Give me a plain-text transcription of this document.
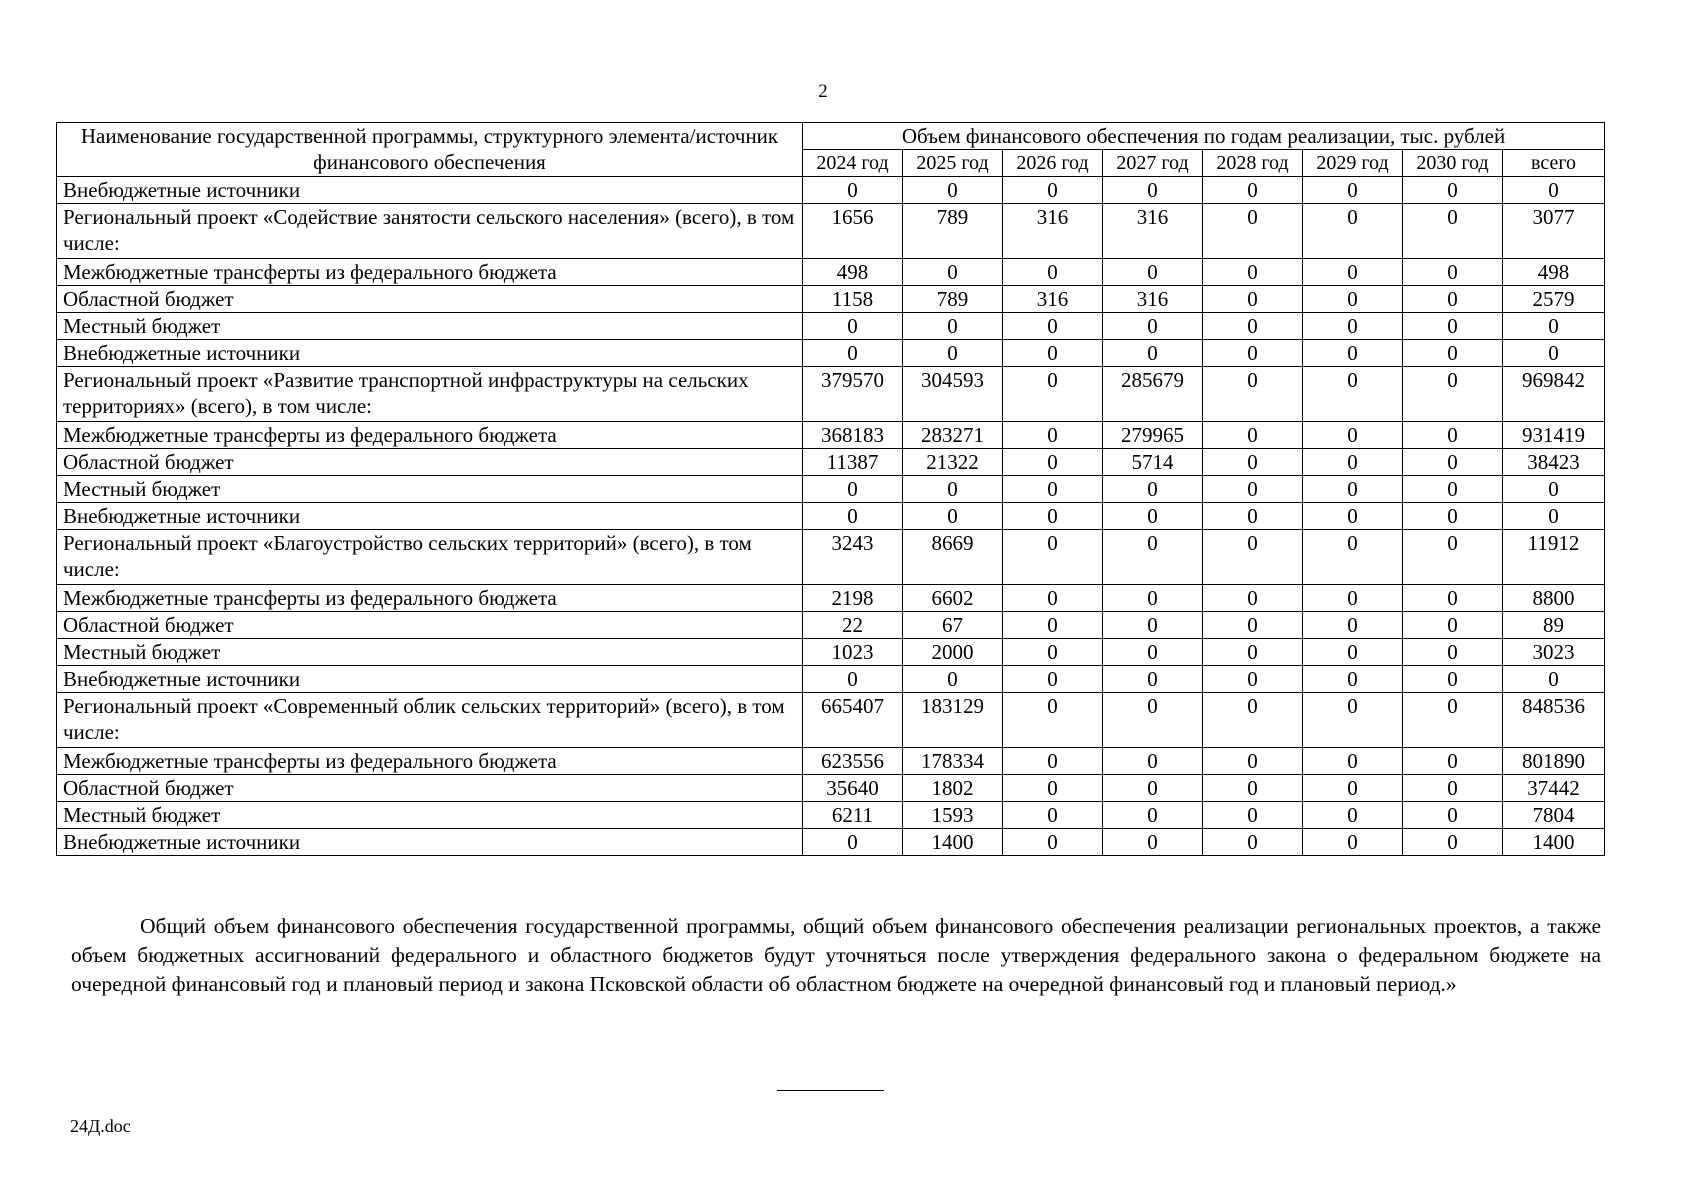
2
Наименование государственной программы, структурного элемента/источник финансового обеспечения	Объем финансового обеспечения по годам реализации, тыс. рублей							
	2024 год	2025 год	2026 год	2027 год	2028 год	2029 год	2030 год	всего
Внебюджетные источники	0	0	0	0	0	0	0	0
Региональный проект «Содействие занятости сельского населения» (всего), в том числе:	1656	789	316	316	0	0	0	3077
Межбюджетные трансферты из федерального бюджета	498	0	0	0	0	0	0	498
Областной бюджет	1158	789	316	316	0	0	0	2579
Местный бюджет	0	0	0	0	0	0	0	0
Внебюджетные источники	0	0	0	0	0	0	0	0
Региональный проект «Развитие транспортной инфраструктуры на сельских территориях» (всего), в том числе:	379570	304593	0	285679	0	0	0	969842
Межбюджетные трансферты из федерального бюджета	368183	283271	0	279965	0	0	0	931419
Областной бюджет	11387	21322	0	5714	0	0	0	38423
Местный бюджет	0	0	0	0	0	0	0	0
Внебюджетные источники	0	0	0	0	0	0	0	0
Региональный проект «Благоустройство сельских территорий» (всего), в том числе:	3243	8669	0	0	0	0	0	11912
Межбюджетные трансферты из федерального бюджета	2198	6602	0	0	0	0	0	8800
Областной бюджет	22	67	0	0	0	0	0	89
Местный бюджет	1023	2000	0	0	0	0	0	3023
Внебюджетные источники	0	0	0	0	0	0	0	0
Региональный проект «Современный облик сельских территорий» (всего), в том числе:	665407	183129	0	0	0	0	0	848536
Межбюджетные трансферты из федерального бюджета	623556	178334	0	0	0	0	0	801890
Областной бюджет	35640	1802	0	0	0	0	0	37442
Местный бюджет	6211	1593	0	0	0	0	0	7804
Внебюджетные источники	0	1400	0	0	0	0	0	1400

Общий объем финансового обеспечения государственной программы, общий объем финансового обеспечения реализации региональных проектов, а также объем бюджетных ассигнований федерального и областного бюджетов будут уточняться после утверждения федерального закона о федеральном бюджете на очередной финансовый год и плановый период и закона Псковской области об областном бюджете на очередной финансовый год и плановый период.»

24Д.doc
